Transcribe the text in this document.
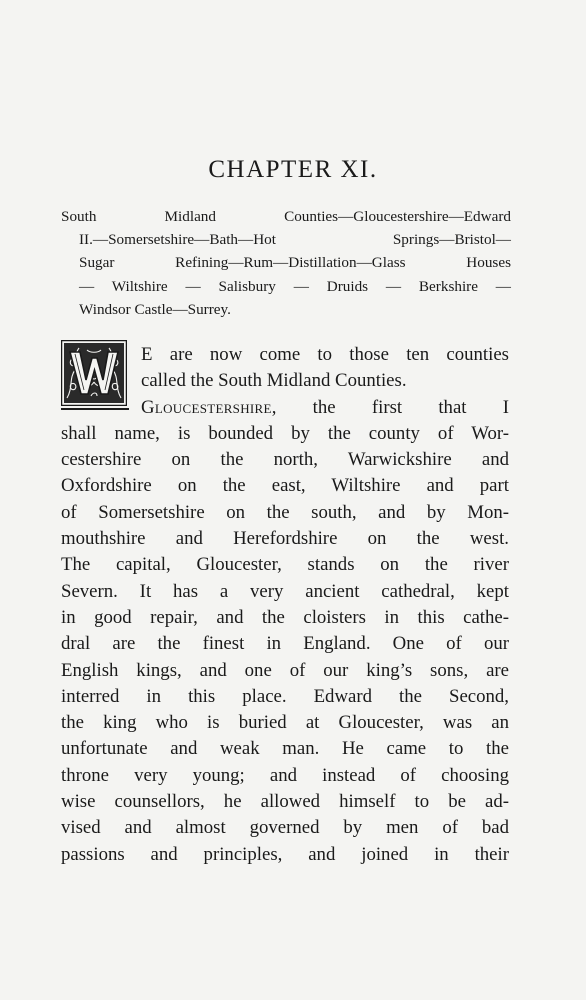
CHAPTER XI.
South Midland Counties—Gloucestershire—Edward
II.—Somersetshire—Bath—Hot Springs—Bristol—
Sugar Refining—Rum—Distillation—Glass Houses
— Wiltshire — Salisbury — Druids — Berkshire —
Windsor Castle—Surrey.
E are now come to those ten counties
called the South Midland Counties.
Gloucestershire, the first that I
shall name, is bounded by the county of Wor-
cestershire on the north, Warwickshire and
Oxfordshire on the east, Wiltshire and part
of Somersetshire on the south, and by Mon-
mouthshire and Herefordshire on the west.
The capital, Gloucester, stands on the river
Severn. It has a very ancient cathedral, kept
in good repair, and the cloisters in this cathe-
dral are the finest in England. One of our
English kings, and one of our king’s sons, are
interred in this place. Edward the Second,
the king who is buried at Gloucester, was an
unfortunate and weak man. He came to the
throne very young; and instead of choosing
wise counsellors, he allowed himself to be ad-
vised and almost governed by men of bad
passions and principles, and joined in their
